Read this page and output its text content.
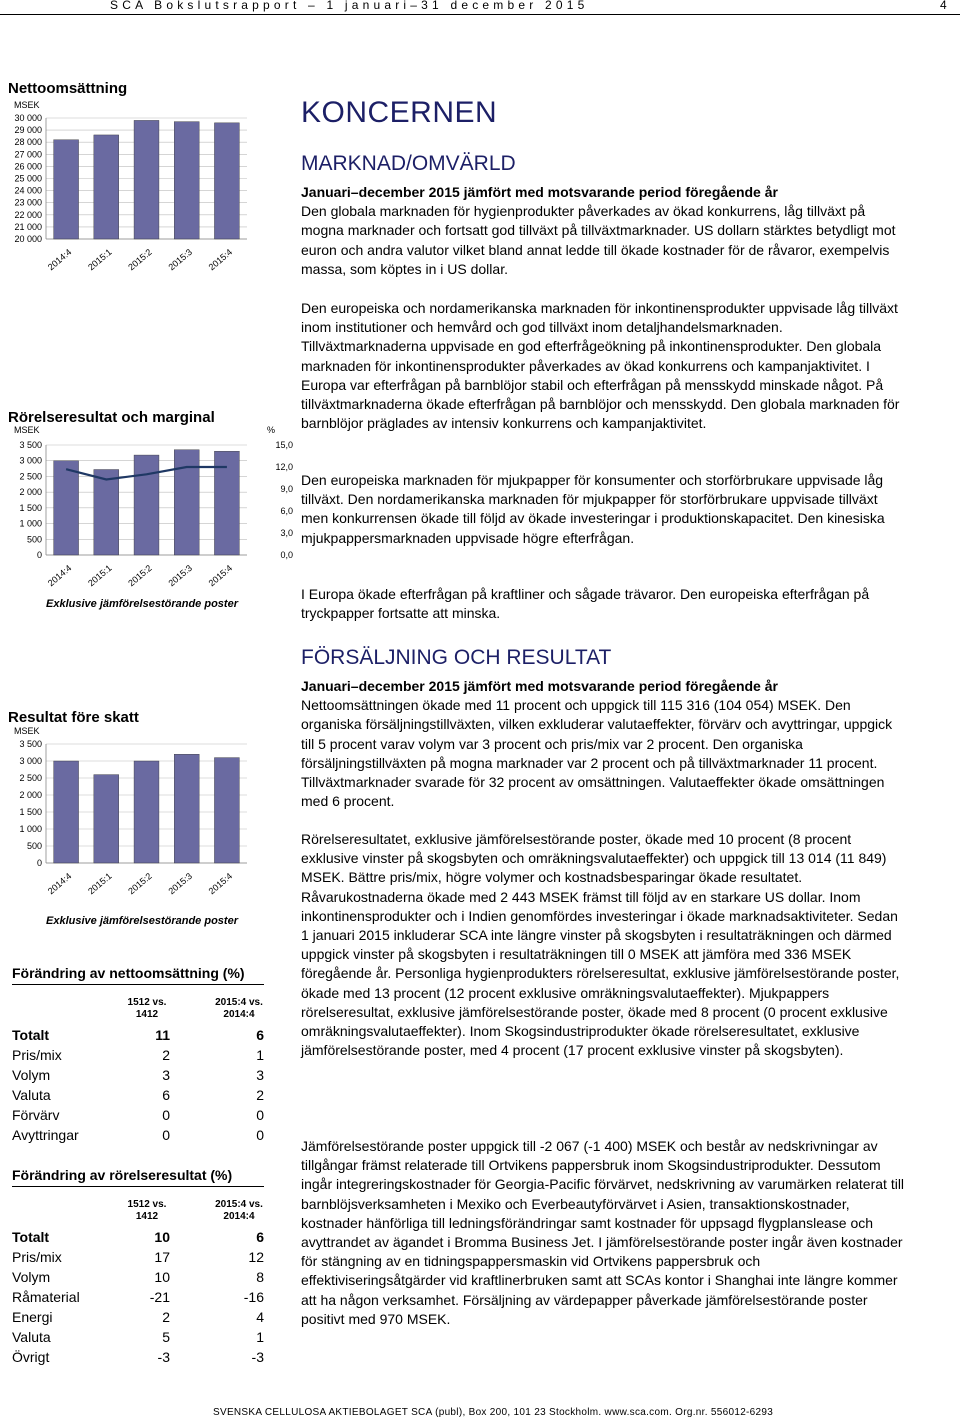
SCA Bokslutsrapport – 1 januari–31 december 2015	4
Nettoomsättning
MSEK
30 000
29 000
28 000
27 000
26 000
25 000
24 000
23 000
22 000
21 000
20 000
2014:4 2015:1 2015:2 2015:3 2015:4
Rörelseresultat och marginal
MSEK
3 500
3 000
2 500
2 000
1 500
1 000
500
0
2014:4 2015:1 2015:2 2015:3 2015:4
%
15,0
12,0
9,0
6,0
3,0
0,0
Exklusive jämförelsestörande poster
Resultat före skatt
MSEK
3 500
3 000
2 500
2 000
1 500
1 000
500
0
2014:4 2015:1 2015:2 2015:3 2015:4
Exklusive jämförelsestörande poster
Förändring av nettoomsättning (%)
1512 vs.
1412
2015:4 vs.
2014:4
Totalt	11	6
Pris/mix	2	1
Volym	3	3
Valuta	6	2
Förvärv	0	0
Avyttringar	0	0
Förändring av rörelseresultat (%)
1512 vs.
1412
2015:4 vs.
2014:4
Totalt	10	6
Pris/mix	17	12
Volym	10	8
Råmaterial	-21	-16
Energi	2	4
Valuta	5	1
Övrigt	-3	-3
KONCERNEN
MARKNAD/OMVÄRLD

Januari–december 2015 jämfört med motsvarande period föregående år

Den globala marknaden för hygienprodukter påverkades av ökad konkurrens, låg tillväxt på mogna marknader och fortsatt god tillväxt på tillväxtmarknader. US dollarn stärktes betydligt mot euron och andra valutor vilket bland annat ledde till ökade kostnader för de råvaror, exempelvis massa, som köptes in i US dollar.

Den europeiska och nordamerikanska marknaden för inkontinensprodukter uppvisade låg tillväxt inom institutioner och hemvård och god tillväxt inom detaljhandelsmarknaden. Tillväxtmarknaderna uppvisade en god efterfrågeökning på inkontinensprodukter. Den globala marknaden för inkontinensprodukter påverkades av ökad konkurrens och kampanjaktivitet. I Europa var efterfrågan på barnblöjor stabil och efterfrågan på mensskydd minskade något. På tillväxtmarknaderna ökade efterfrågan på barnblöjor och mensskydd. Den globala marknaden för barnblöjor präglades av intensiv konkurrens och kampanjaktivitet.
Den europeiska marknaden för mjukpapper för konsumenter och storförbrukare uppvisade låg tillväxt. Den nordamerikanska marknaden för mjukpapper för storförbrukare uppvisade tillväxt men konkurrensen ökade till följd av ökade investeringar i produktionskapacitet. Den kinesiska mjukpappersmarknaden uppvisade högre efterfrågan.
I Europa ökade efterfrågan på kraftliner och sågade trävaror. Den europeiska efterfrågan på tryckpapper fortsatte att minska.
FÖRSÄLJNING OCH RESULTAT

Januari–december 2015 jämfört med motsvarande period föregående år

Nettoomsättningen ökade med 11 procent och uppgick till 115 316 (104 054) MSEK. Den organiska försäljningstillväxten, vilken exkluderar valutaeffekter, förvärv och avyttringar, uppgick till 5 procent varav volym var 3 procent och pris/mix var 2 procent. Den organiska försäljningstillväxten på mogna marknader var 2 procent och på tillväxtmarknader 11 procent. Tillväxtmarknader svarade för 32 procent av omsättningen. Valutaeffekter ökade omsättningen med 6 procent.

Rörelseresultatet, exklusive jämförelsestörande poster, ökade med 10 procent (8 procent exklusive vinster på skogsbyten och omräkningsvalutaeffekter) och uppgick till 13 014 (11 849) MSEK. Bättre pris/mix, högre volymer och kostnadsbesparingar ökade resultatet. Råvarukostnaderna ökade med 2 443 MSEK främst till följd av en starkare US dollar. Inom inkontinensprodukter och i Indien genomfördes investeringar i ökade marknadsaktiviteter. Sedan 1 januari 2015 inkluderar SCA inte längre vinster på skogsbyten i resultaträkningen och därmed uppgick vinster på skogsbyten i resultaträkningen till 0 MSEK att jämföra med 336 MSEK föregående år. Personliga hygienprodukters rörelseresultat, exklusive jämförelsestörande poster, ökade med 13 procent (12 procent exklusive omräkningsvalutaeffekter). Mjukpappers rörelseresultat, exklusive jämförelsestörande poster, ökade med 8 procent (0 procent exklusive omräkningsvalutaeffekter). Inom Skogsindustriprodukter ökade rörelseresultatet, exklusive jämförelsestörande poster, med 4 procent (17 procent exklusive vinster på skogsbyten).
Jämförelsestörande poster uppgick till -2 067 (-1 400) MSEK och består av nedskrivningar av tillgångar främst relaterade till Ortvikens pappersbruk inom Skogsindustriprodukter. Dessutom ingår integreringskostnader för Georgia-Pacific förvärvet, nedskrivning av varumärken relaterat till barnblöjsverksamheten i Mexiko och Everbeautyförvärvet i Asien, transaktionskostnader, kostnader hänförliga till ledningsförändringar samt kostnader för uppsagd flygplanslease och avyttrandet av ägandet i Bromma Business Jet. I jämförelsestörande poster ingår även kostnader för stängning av en tidningspappersmaskin vid Ortvikens pappersbruk och effektiviseringsåtgärder vid kraftlinerbruken samt att SCAs kontor i Shanghai inte längre kommer att ha någon verksamhet. Försäljning av värdepapper påverkade jämförelsestörande poster positivt med 970 MSEK.
SVENSKA CELLULOSA AKTIEBOLAGET SCA (publ), Box 200, 101 23 Stockholm. www.sca.com. Org.nr. 556012-6293
